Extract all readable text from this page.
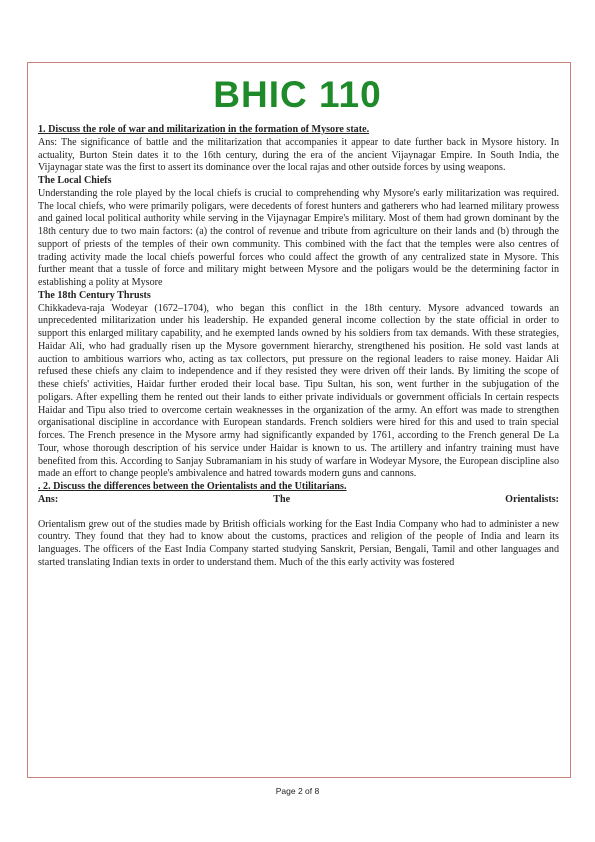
BHIC 110

1. Discuss the role of war and militarization in the formation of Mysore state.

Ans: The significance of battle and the militarization that accompanies it appear to date further back in Mysore history. In actuality, Burton Stein dates it to the 16th century, during the era of the ancient Vijaynagar Empire. In South India, the Vijaynagar state was the first to assert its dominance over the local rajas and other outside forces by using weapons.

The Local Chiefs

Understanding the role played by the local chiefs is crucial to comprehending why Mysore's early militarization was required. The local chiefs, who were primarily poligars, were decedents of forest hunters and gatherers who had learned military prowess and gained local political authority while serving in the Vijaynagar Empire's military. Most of them had grown dominant by the 18th century due to two main factors: (a) the control of revenue and tribute from agriculture on their lands and (b) through the support of priests of the temples of their own community. This combined with the fact that the temples were also centres of trading activity made the local chiefs powerful forces who could affect the growth of any centralized state in Mysore. This further meant that a tussle of force and military might between Mysore and the poligars would be the determining factor in establishing a polity at Mysore

The 18th Century Thrusts

Chikkadeva-raja Wodeyar (1672–1704), who began this conflict in the 18th century. Mysore advanced towards an unprecedented militarization under his leadership. He expanded general income collection by the state official in order to support this enlarged military capability, and he exempted lands owned by his soldiers from tax demands. With these strategies, Haidar Ali, who had gradually risen up the Mysore government hierarchy, strengthened his position. He sold vast lands at auction to ambitious warriors who, acting as tax collectors, put pressure on the regional leaders to raise money. Haidar Ali refused these chiefs any claim to independence and if they resisted they were driven off their lands. By limiting the scope of these chiefs' activities, Haidar further eroded their local base. Tipu Sultan, his son, went further in the subjugation of the poligars. After expelling them he rented out their lands to either private individuals or government officials In certain respects Haidar and Tipu also tried to overcome certain weaknesses in the organization of the army. An effort was made to strengthen organisational discipline in accordance with European standards. French soldiers were hired for this and used to train special forces. The French presence in the Mysore army had significantly expanded by 1761, according to the French general De La Tour, whose thorough description of his service under Haidar is known to us. The artillery and infantry training must have benefited from this. According to Sanjay Subramaniam in his study of warfare in Wodeyar Mysore, the European discipline also made an effort to change people's ambivalence and hatred towards modern guns and cannons.

. 2. Discuss the differences between the Orientalists and the Utilitarians.

Ans:	The	Orientalists:

Orientalism grew out of the studies made by British officials working for the East India Company who had to administer a new country. They found that they had to know about the customs, practices and religion of the people of India and learn its languages. The officers of the East India Company started studying Sanskrit, Persian, Bengali, Tamil and other languages and started translating Indian texts in order to understand them. Much of the this early activity was fostered

Page 2 of 8
